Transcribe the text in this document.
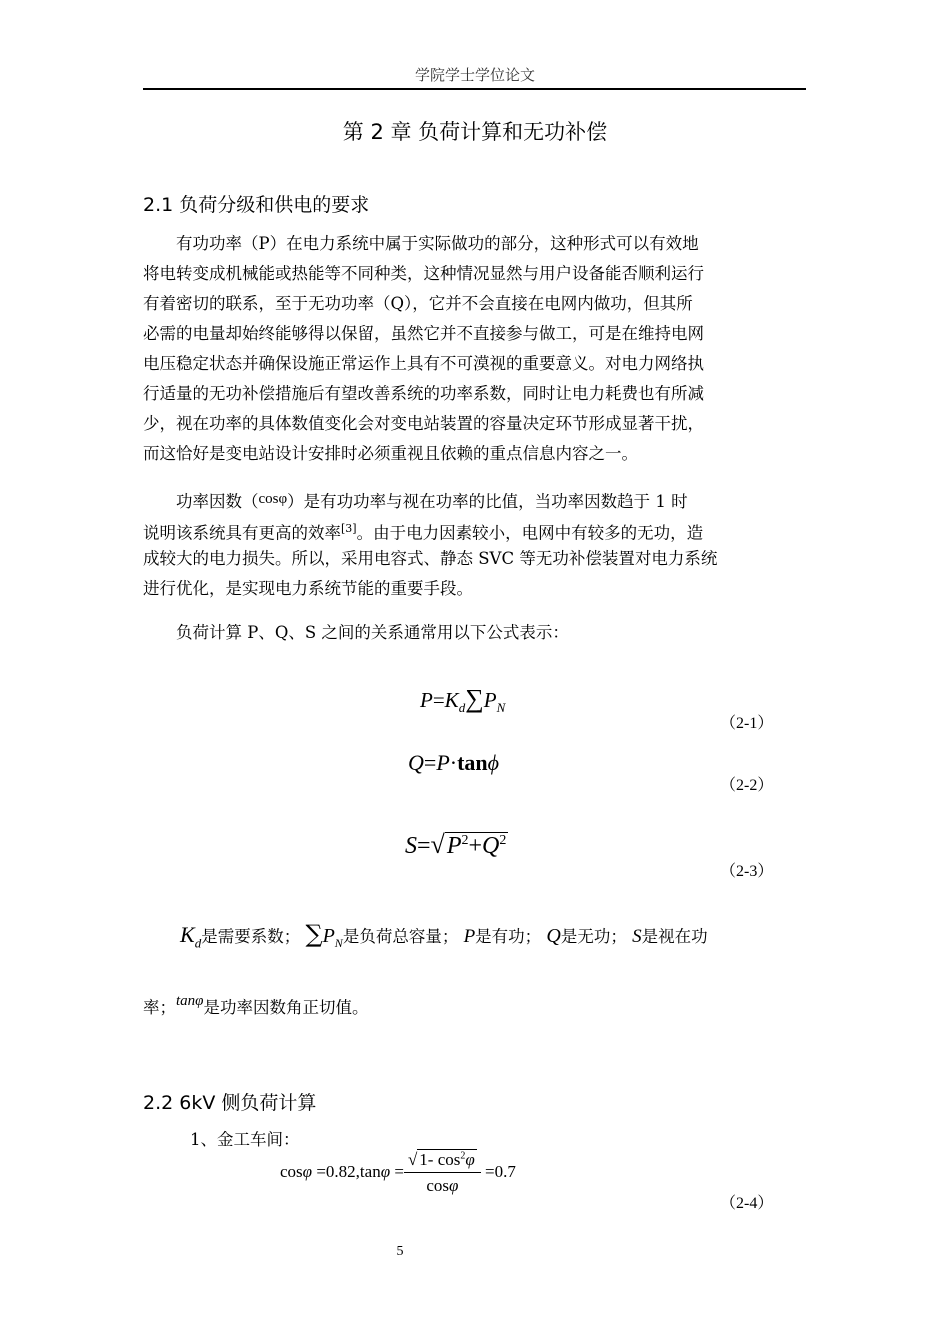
学院学士学位论文
第 2 章 负荷计算和无功补偿
2.1 负荷分级和供电的要求
有功功率（P）在电力系统中属于实际做功的部分，这种形式可以有效地
将电转变成机械能或热能等不同种类，这种情况显然与用户设备能否顺利运行
有着密切的联系，至于无功功率（Q），它并不会直接在电网内做功，但其所
必需的电量却始终能够得以保留，虽然它并不直接参与做工，可是在维持电网
电压稳定状态并确保设施正常运作上具有不可漠视的重要意义。对电力网络执
行适量的无功补偿措施后有望改善系统的功率系数，同时让电力耗费也有所减
少，视在功率的具体数值变化会对变电站装置的容量决定环节形成显著干扰，
而这恰好是变电站设计安排时必须重视且依赖的重点信息内容之一。
功率因数（cosφ）是有功功率与视在功率的比值，当功率因数趋于 1 时
说明该系统具有更高的效率[3]。由于电力因素较小，电网中有较多的无功，造
成较大的电力损失。所以，采用电容式、静态 SVC 等无功补偿装置对电力系统
进行优化，是实现电力系统节能的重要手段。
负荷计算 P、Q、S 之间的关系通常用以下公式表示：
$P=K_d\sum P_N$
（2-1）
Q=P·tanϕ
（2-2）
$S=√P^2+Q^2$
（2-3）
$K_d$是需要系数； $\sum P_N$是负荷总容量； P是有功； Q是无功； S是视在功
率；tanφ是功率因数角正切值。
2.2 6kV 侧负荷计算
1、金工车间：
$\cos\varphi =0.82,\tan\varphi = \frac{√ 1- \cos^2\varphi}{\cos\varphi} =0.7$
（2-4）
5
